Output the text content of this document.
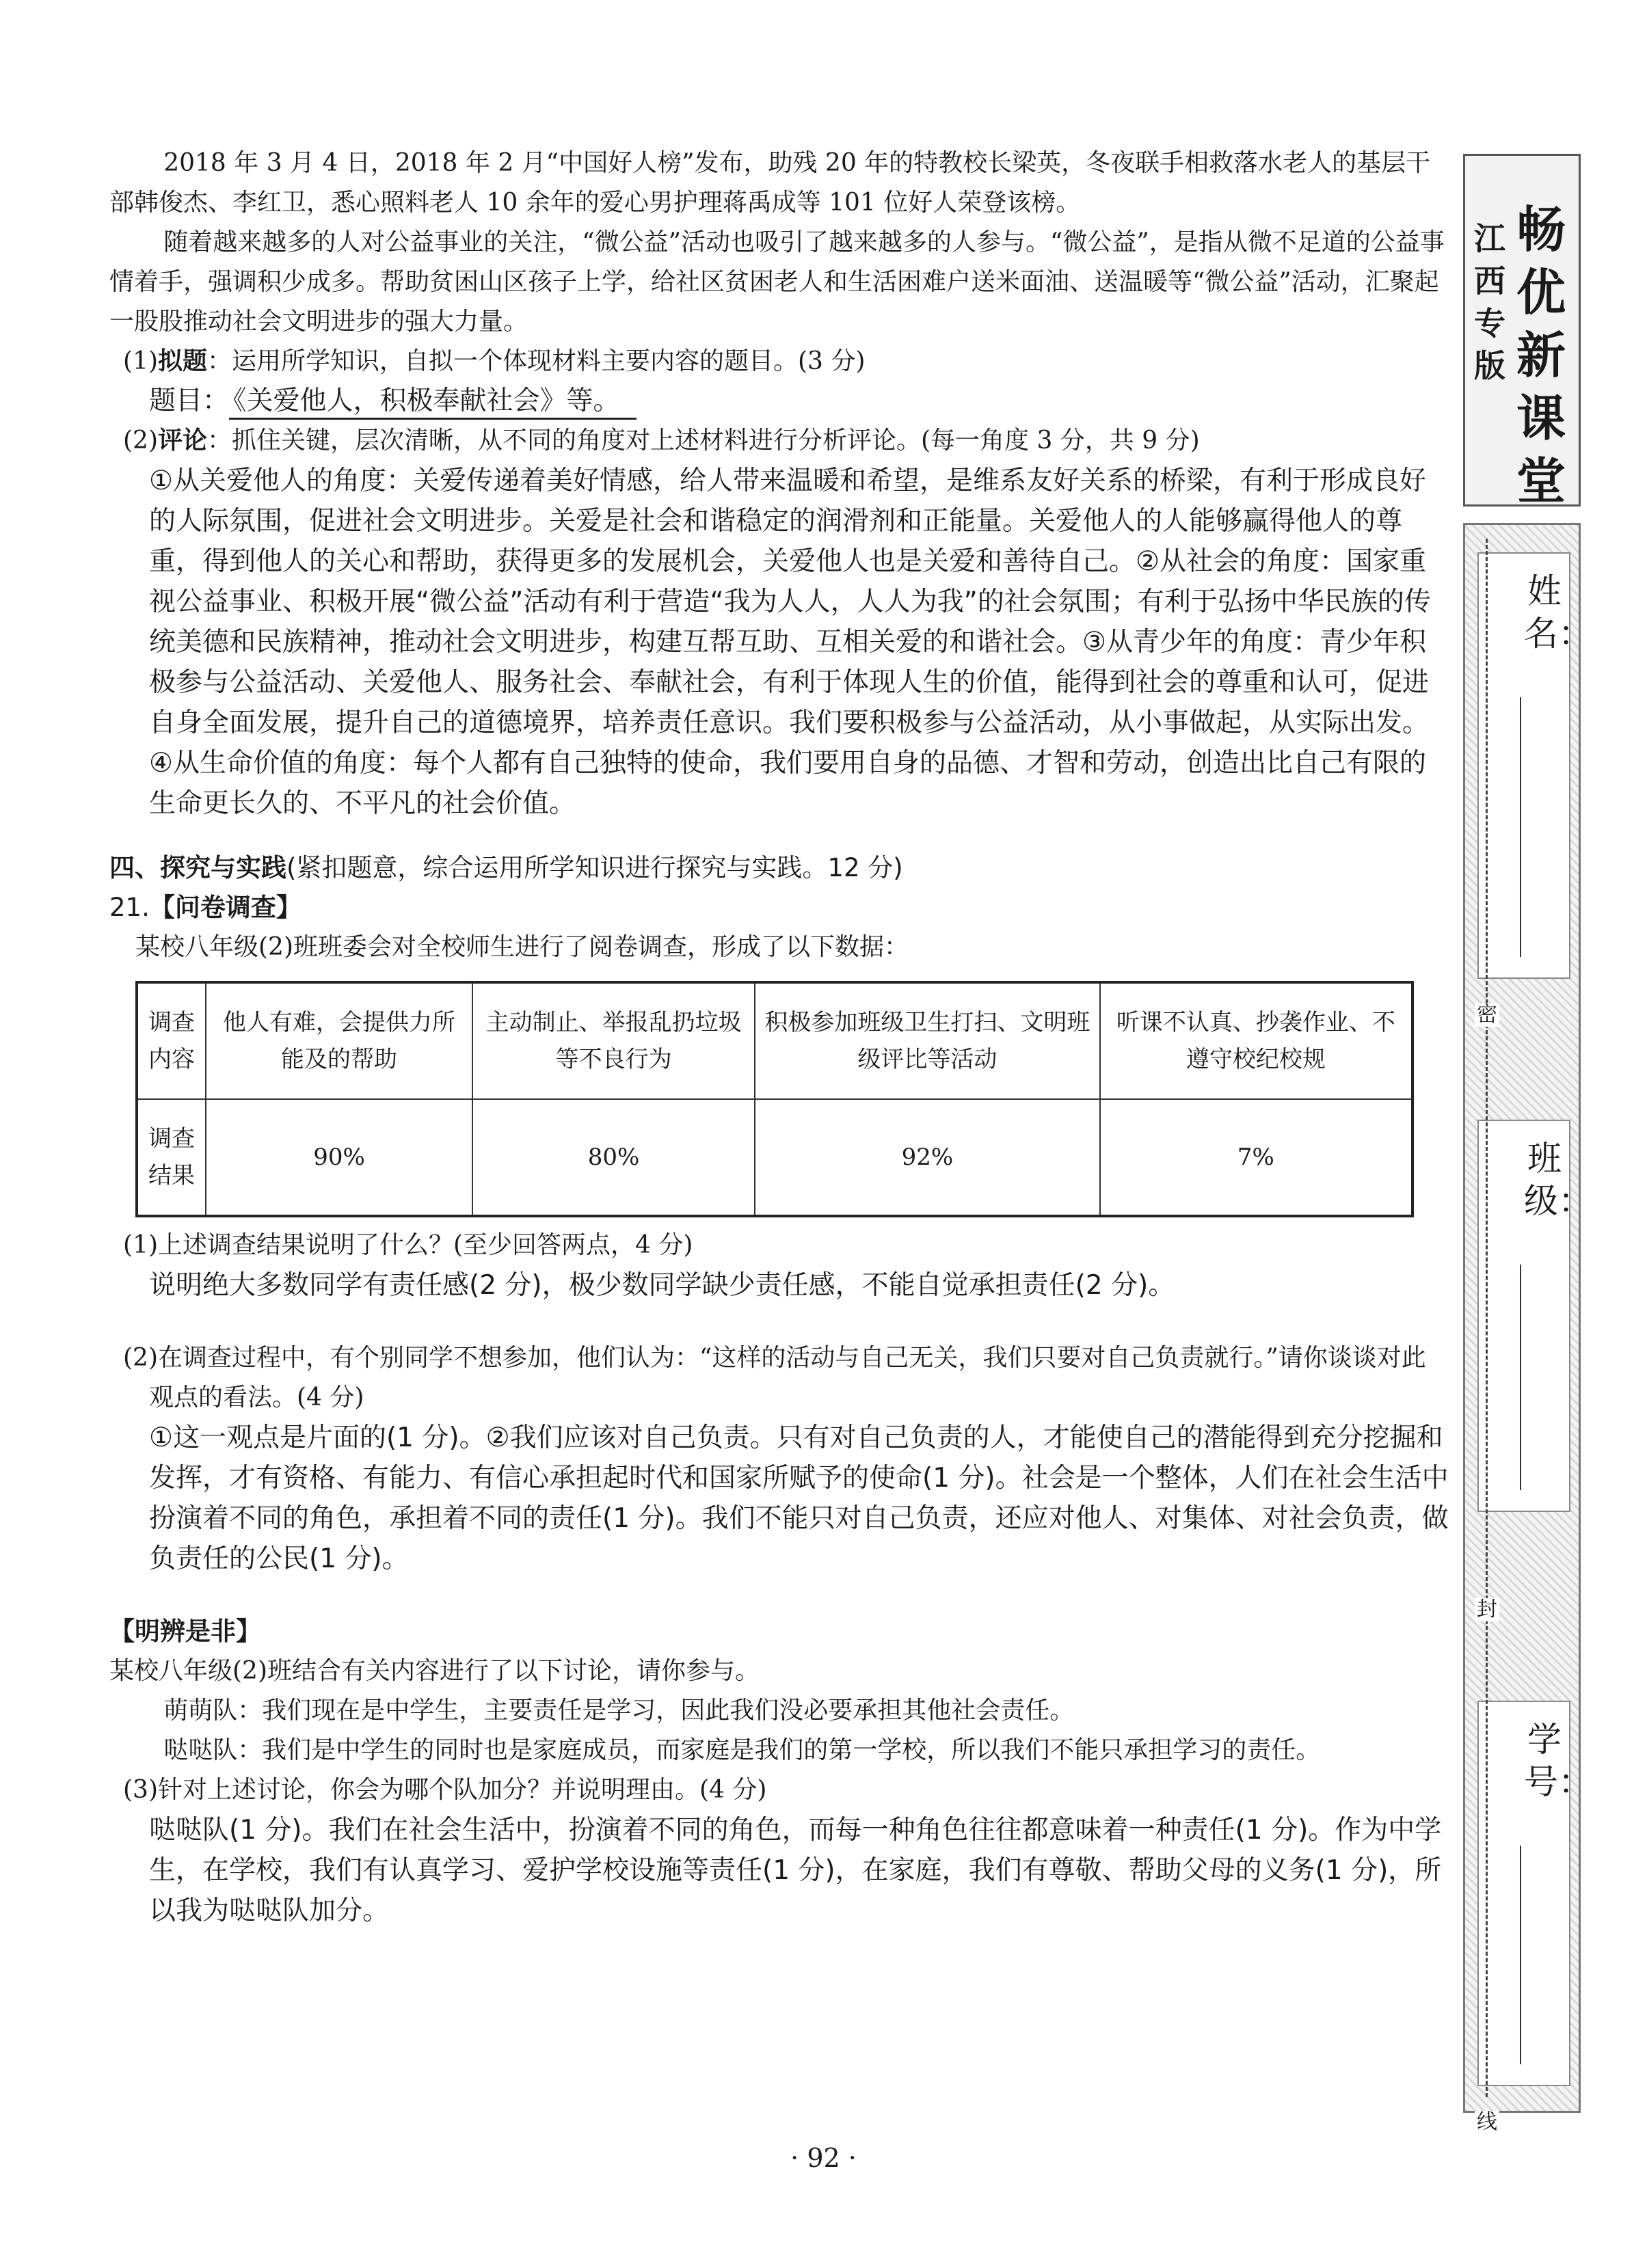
2018 年 3 月 4 日，2018 年 2 月“中国好人榜”发布，助残 20 年的特教校长梁英，冬夜联手相救落水老人的基层干部韩俊杰、李红卫，悉心照料老人 10 余年的爱心男护理蒋禹成等 101 位好人荣登该榜。

随着越来越多的人对公益事业的关注，“微公益”活动也吸引了越来越多的人参与。“微公益”，是指从微不足道的公益事情着手，强调积少成多。帮助贫困山区孩子上学，给社区贫困老人和生活困难户送米面油、送温暖等“微公益”活动，汇聚起一股股推动社会文明进步的强大力量。

(1)拟题：运用所学知识，自拟一个体现材料主要内容的题目。(3 分)

题目： 《关爱他人，积极奉献社会》等。

(2)评论：抓住关键，层次清晰，从不同的角度对上述材料进行分析评论。(每一角度 3 分，共 9 分)

①从关爱他人的角度：关爱传递着美好情感，给人带来温暖和希望，是维系友好关系的桥梁，有利于形成良好的人际氛围，促进社会文明进步。关爱是社会和谐稳定的润滑剂和正能量。关爱他人的人能够赢得他人的尊重，得到他人的关心和帮助，获得更多的发展机会，关爱他人也是关爱和善待自己。②从社会的角度：国家重视公益事业、积极开展“微公益”活动有利于营造“我为人人，人人为我”的社会氛围；有利于弘扬中华民族的传统美德和民族精神，推动社会文明进步，构建互帮互助、互相关爱的和谐社会。③从青少年的角度：青少年积极参与公益活动、关爱他人、服务社会、奉献社会，有利于体现人生的价值，能得到社会的尊重和认可，促进自身全面发展，提升自己的道德境界，培养责任意识。我们要积极参与公益活动，从小事做起，从实际出发。④从生命价值的角度：每个人都有自己独特的使命，我们要用自身的品德、才智和劳动，创造出比自己有限的生命更长久的、不平凡的社会价值。

四、探究与实践(紧扣题意，综合运用所学知识进行探究与实践。12 分)

21.【问卷调查】

某校八年级(2)班班委会对全校师生进行了阅卷调查，形成了以下数据：

调查内容	他人有难，会提供力所能及的帮助	主动制止、举报乱扔垃圾等不良行为	积极参加班级卫生打扫、文明班级评比等活动	听课不认真、抄袭作业、不遵守校纪校规
调查结果	90%	80%	92%	7%

(1)上述调查结果说明了什么？(至少回答两点，4 分)

说明绝大多数同学有责任感(2 分)，极少数同学缺少责任感，不能自觉承担责任(2 分)。

(2)在调查过程中，有个别同学不想参加，他们认为：“这样的活动与自己无关，我们只要对自己负责就行。”请你谈谈对此观点的看法。(4 分)

①这一观点是片面的(1 分)。②我们应该对自己负责。只有对自己负责的人，才能使自己的潜能得到充分挖掘和发挥，才有资格、有能力、有信心承担起时代和国家所赋予的使命(1 分)。社会是一个整体，人们在社会生活中扮演着不同的角色，承担着不同的责任(1 分)。我们不能只对自己负责，还应对他人、对集体、对社会负责，做负责任的公民(1 分)。

【明辨是非】

某校八年级(2)班结合有关内容进行了以下讨论，请你参与。

萌萌队：我们现在是中学生，主要责任是学习，因此我们没必要承担其他社会责任。

哒哒队：我们是中学生的同时也是家庭成员，而家庭是我们的第一学校，所以我们不能只承担学习的责任。

(3)针对上述讨论，你会为哪个队加分？并说明理由。(4 分)

哒哒队(1 分)。我们在社会生活中，扮演着不同的角色，而每一种角色往往都意味着一种责任(1 分)。作为中学生，在学校，我们有认真学习、爱护学校设施等责任(1 分)，在家庭，我们有尊敬、帮助父母的义务(1 分)，所以我为哒哒队加分。

畅优新课堂
江西专版
姓名：
班级：
学号：
密
封
线
· 92 ·
